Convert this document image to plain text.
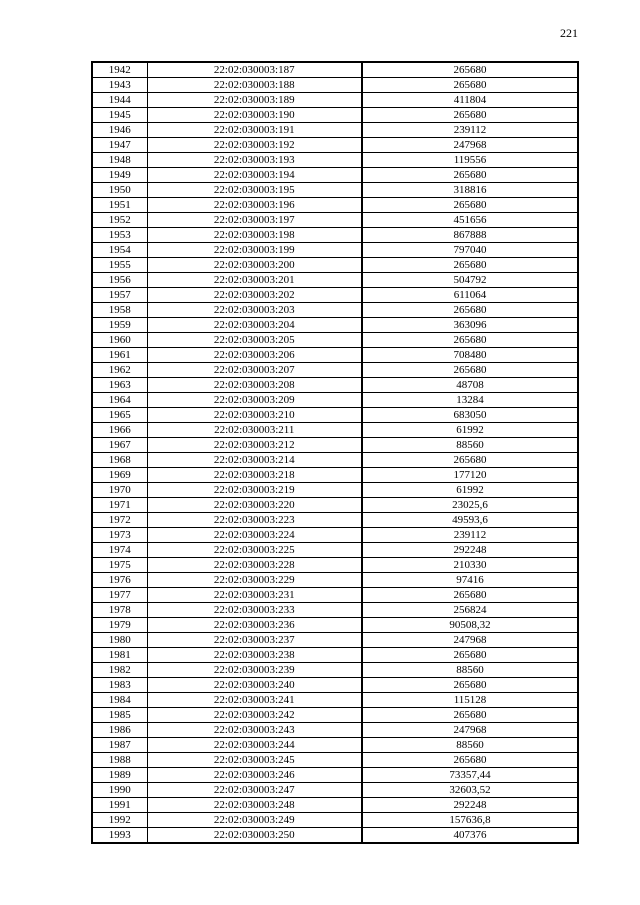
221
1942	22:02:030003:187	265680
1943	22:02:030003:188	265680
1944	22:02:030003:189	411804
1945	22:02:030003:190	265680
1946	22:02:030003:191	239112
1947	22:02:030003:192	247968
1948	22:02:030003:193	119556
1949	22:02:030003:194	265680
1950	22:02:030003:195	318816
1951	22:02:030003:196	265680
1952	22:02:030003:197	451656
1953	22:02:030003:198	867888
1954	22:02:030003:199	797040
1955	22:02:030003:200	265680
1956	22:02:030003:201	504792
1957	22:02:030003:202	611064
1958	22:02:030003:203	265680
1959	22:02:030003:204	363096
1960	22:02:030003:205	265680
1961	22:02:030003:206	708480
1962	22:02:030003:207	265680
1963	22:02:030003:208	48708
1964	22:02:030003:209	13284
1965	22:02:030003:210	683050
1966	22:02:030003:211	61992
1967	22:02:030003:212	88560
1968	22:02:030003:214	265680
1969	22:02:030003:218	177120
1970	22:02:030003:219	61992
1971	22:02:030003:220	23025,6
1972	22:02:030003:223	49593,6
1973	22:02:030003:224	239112
1974	22:02:030003:225	292248
1975	22:02:030003:228	210330
1976	22:02:030003:229	97416
1977	22:02:030003:231	265680
1978	22:02:030003:233	256824
1979	22:02:030003:236	90508,32
1980	22:02:030003:237	247968
1981	22:02:030003:238	265680
1982	22:02:030003:239	88560
1983	22:02:030003:240	265680
1984	22:02:030003:241	115128
1985	22:02:030003:242	265680
1986	22:02:030003:243	247968
1987	22:02:030003:244	88560
1988	22:02:030003:245	265680
1989	22:02:030003:246	73357,44
1990	22:02:030003:247	32603,52
1991	22:02:030003:248	292248
1992	22:02:030003:249	157636,8
1993	22:02:030003:250	407376
